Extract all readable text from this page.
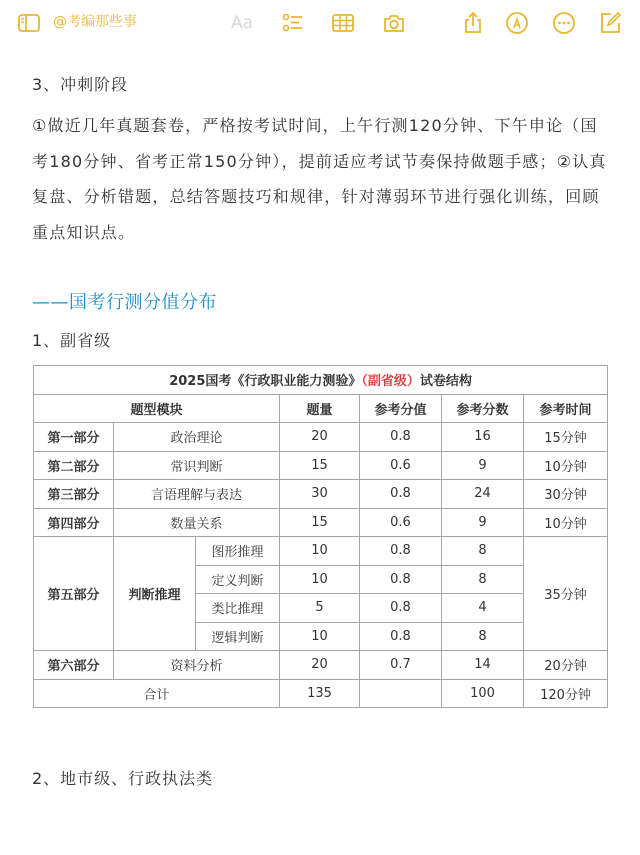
@考编那些事	Aa
3、冲刺阶段
①做近几年真题套卷，严格按考试时间，上午行测120分钟、下午申论（国考180分钟、省考正常150分钟），提前适应考试节奏保持做题手感；②认真复盘、分析错题，总结答题技巧和规律，针对薄弱环节进行强化训练，回顾重点知识点。
——国考行测分值分布
1、副省级
2025国考《行政职业能力测验》（副省级）试卷结构						
题型模块			题量	参考分值	参考分数	参考时间
第一部分	政治理论		20	0.8	16	15分钟
第二部分	常识判断		15	0.6	9	10分钟
第三部分	言语理解与表达		30	0.8	24	30分钟
第四部分	数量关系		15	0.6	9	10分钟
第五部分	判断推理	图形推理	10	0.8	8	35分钟
		定义判断	10	0.8	8	
		类比推理	5	0.8	4	
		逻辑判断	10	0.8	8	
第六部分	资料分析		20	0.7	14	20分钟
合计			135		100	120分钟
2、地市级、行政执法类
